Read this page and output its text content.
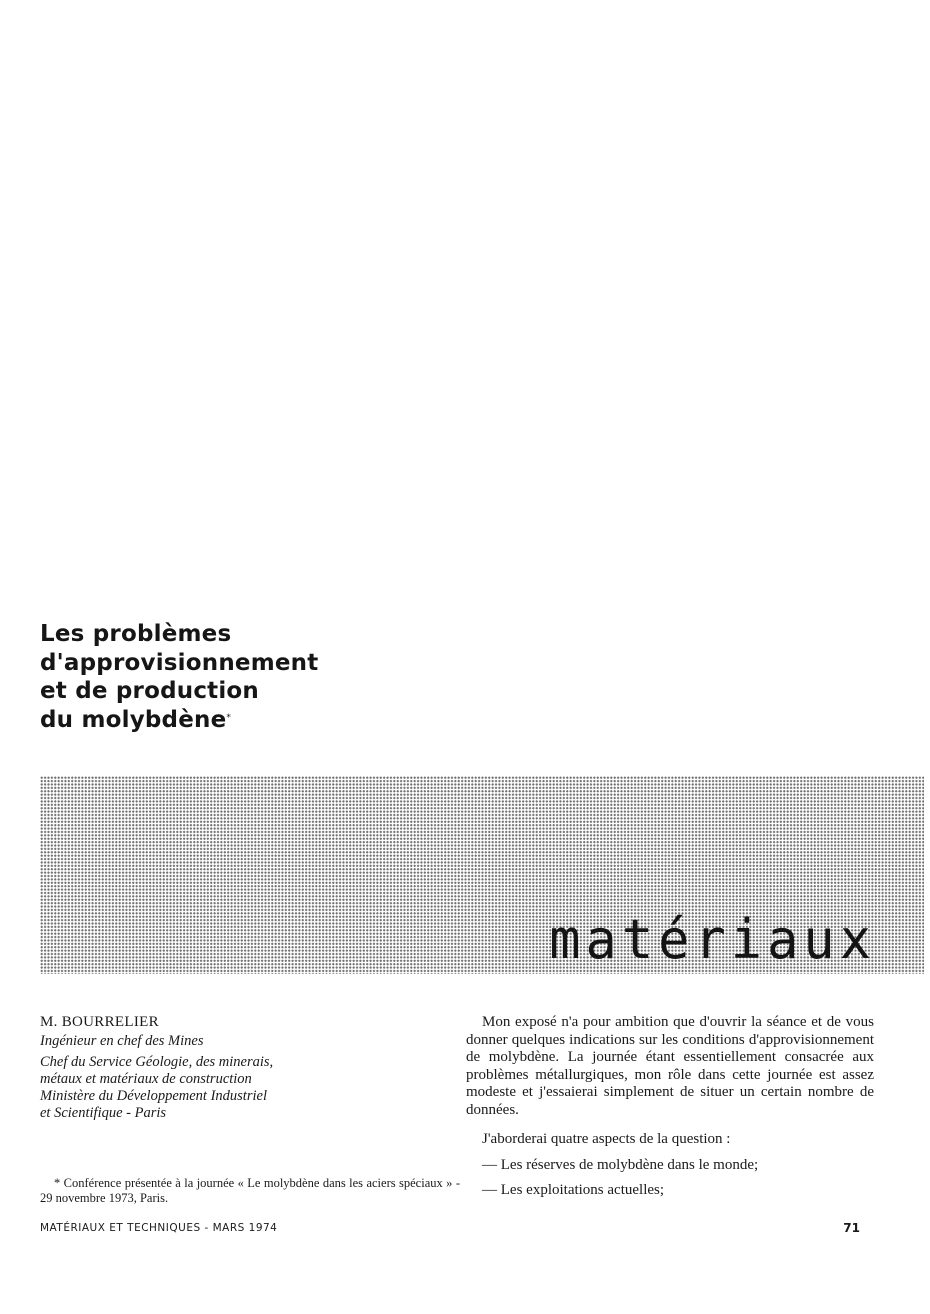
Les problèmes
d'approvisionnement
et de production
du molybdène*
matériaux

M. BOURRELIER

Ingénieur en chef des Mines

Chef du Service Géologie, des minerais,

métaux et matériaux de construction

Ministère du Développement Industriel

et Scientifique - Paris

* Conférence présentée à la journée « Le molybdène dans les aciers spéciaux » - 29 novembre 1973, Paris.

Mon exposé n'a pour ambition que d'ouvrir la séance et de vous donner quelques indications sur les conditions d'approvisionnement de molybdène. La journée étant essentiellement consacrée aux problèmes métallurgiques, mon rôle dans cette journée est assez modeste et j'essaierai simplement de situer un certain nombre de données.

J'aborderai quatre aspects de la question :

— Les réserves de molybdène dans le monde;

— Les exploitations actuelles;

MATÉRIAUX ET TECHNIQUES - MARS 1974	71
